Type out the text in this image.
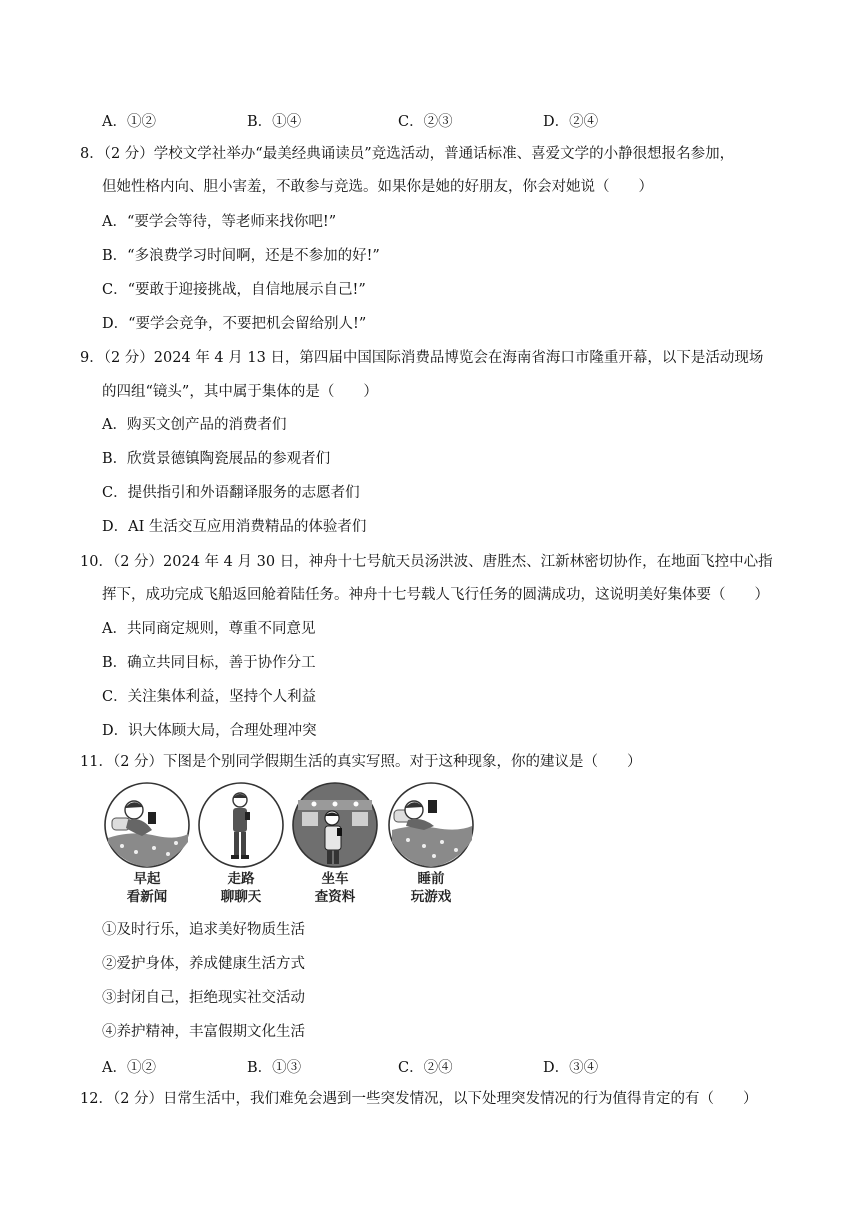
A．①②	B．①④	C．②③	D．②④
8．（2 分）学校文学社举办“最美经典诵读员”竞选活动，普通话标准、喜爱文学的小静很想报名参加，
但她性格内向、胆小害羞，不敢参与竞选。如果你是她的好朋友，你会对她说（　　）
A．“要学会等待，等老师来找你吧!”
B．“多浪费学习时间啊，还是不参加的好!”
C．“要敢于迎接挑战，自信地展示自己!”
D．“要学会竞争，不要把机会留给别人!”
9．（2 分）2024 年 4 月 13 日，第四届中国国际消费品博览会在海南省海口市隆重开幕，以下是活动现场
的四组“镜头”，其中属于集体的是（　　）
A．购买文创产品的消费者们
B．欣赏景德镇陶瓷展品的参观者们
C．提供指引和外语翻译服务的志愿者们
D．AI 生活交互应用消费精品的体验者们
10．（2 分）2024 年 4 月 30 日，神舟十七号航天员汤洪波、唐胜杰、江新林密切协作，在地面飞控中心指
挥下，成功完成飞船返回舱着陆任务。神舟十七号载人飞行任务的圆满成功，这说明美好集体要（　　）
A．共同商定规则，尊重不同意见
B．确立共同目标，善于协作分工
C．关注集体利益，坚持个人利益
D．识大体顾大局，合理处理冲突
11．（2 分）下图是个别同学假期生活的真实写照。对于这种现象，你的建议是（　　）
早起
看新闻
走路
聊聊天
坐车
查资料
睡前
玩游戏
①及时行乐，追求美好物质生活
②爱护身体，养成健康生活方式
③封闭自己，拒绝现实社交活动
④养护精神，丰富假期文化生活
A．①②	B．①③	C．②④	D．③④
12．（2 分）日常生活中，我们难免会遇到一些突发情况，以下处理突发情况的行为值得肯定的有（　　）
